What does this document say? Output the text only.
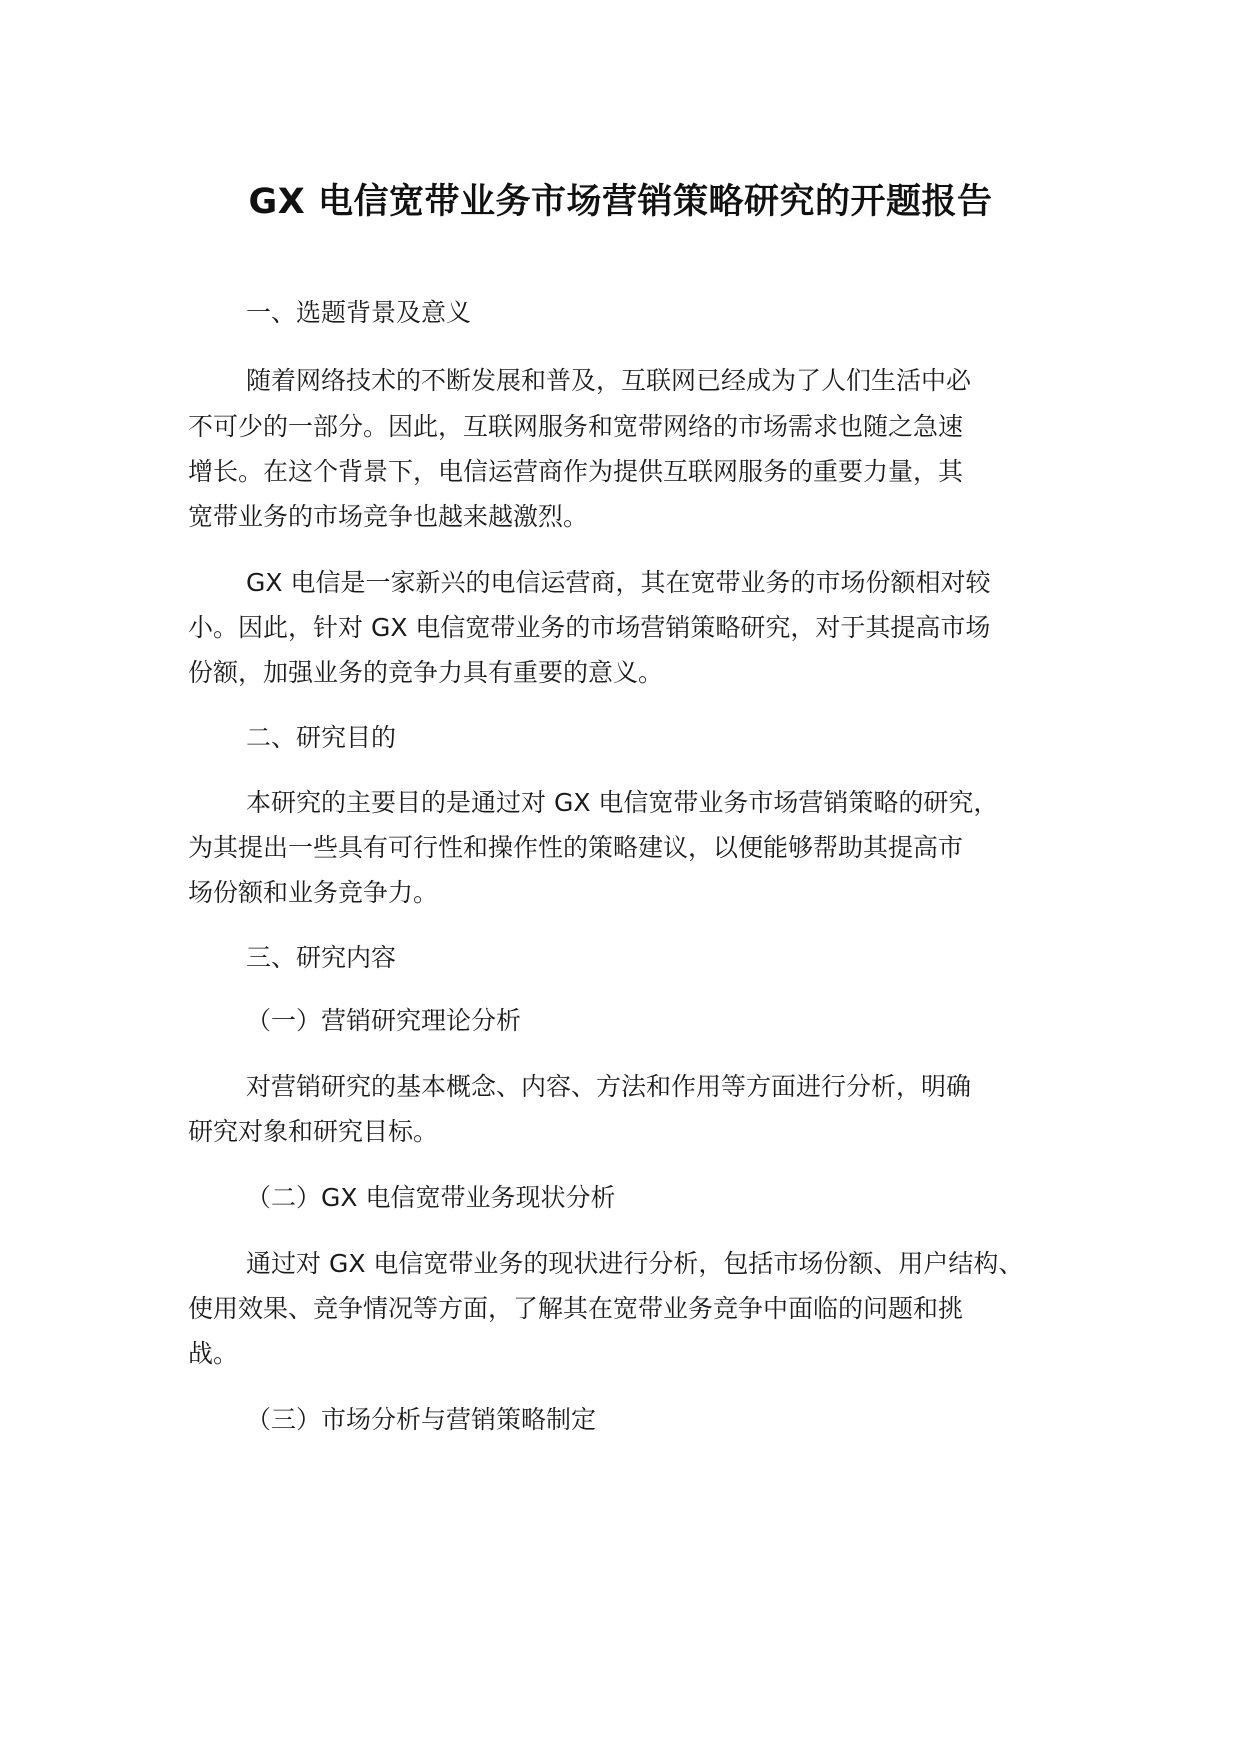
GX 电信宽带业务市场营销策略研究的开题报告
一、选题背景及意义
随着网络技术的不断发展和普及，互联网已经成为了人们生活中必
不可少的一部分。因此，互联网服务和宽带网络的市场需求也随之急速
增长。在这个背景下，电信运营商作为提供互联网服务的重要力量，其
宽带业务的市场竞争也越来越激烈。
GX 电信是一家新兴的电信运营商，其在宽带业务的市场份额相对较
小。因此，针对 GX 电信宽带业务的市场营销策略研究，对于其提高市场
份额，加强业务的竞争力具有重要的意义。
二、研究目的
本研究的主要目的是通过对 GX 电信宽带业务市场营销策略的研究，
为其提出一些具有可行性和操作性的策略建议，以便能够帮助其提高市
场份额和业务竞争力。
三、研究内容
（一）营销研究理论分析
对营销研究的基本概念、内容、方法和作用等方面进行分析，明确
研究对象和研究目标。
（二）GX 电信宽带业务现状分析
通过对 GX 电信宽带业务的现状进行分析，包括市场份额、用户结构、
使用效果、竞争情况等方面，了解其在宽带业务竞争中面临的问题和挑
战。
（三）市场分析与营销策略制定
